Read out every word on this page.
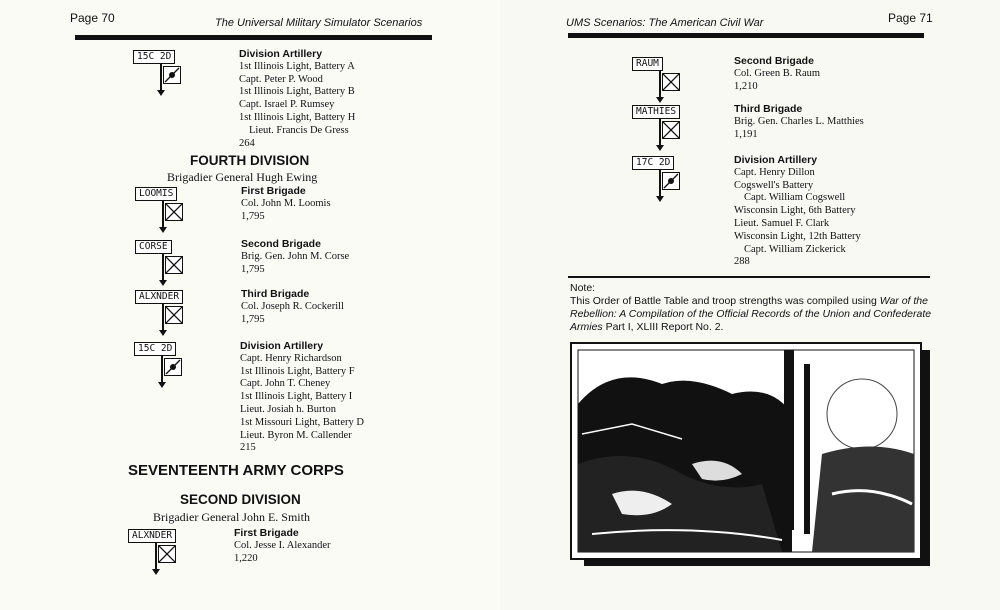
Page 70	The Universal Military Simulator Scenarios
15C 2D	Division Artillery
1st Illinois Light, Battery A
Capt. Peter P. Wood
1st Illinois Light, Battery B
Capt. Israel P. Rumsey
1st Illinois Light, Battery H
Lieut. Francis De Gress
264
FOURTH DIVISION
Brigadier General Hugh Ewing
LOOMIS	First Brigade
Col. John M. Loomis
1,795
CORSE	Second Brigade
Brig. Gen. John M. Corse
1,795
ALXNDER	Third Brigade
Col. Joseph R. Cockerill
1,795
15C 2D	Division Artillery
Capt. Henry Richardson
1st Illinois Light, Battery F
Capt. John T. Cheney
1st Illinois Light, Battery I
Lieut. Josiah h. Burton
1st Missouri Light, Battery D
Lieut. Byron M. Callender
215
SEVENTEENTH ARMY CORPS
SECOND DIVISION
Brigadier General John E. Smith
ALXNDER	First Brigade
Col. Jesse I. Alexander
1,220
UMS Scenarios: The American Civil War	Page 71
RAUM	Second Brigade
Col. Green B. Raum
1,210
MATHIES	Third Brigade
Brig. Gen. Charles L. Matthies
1,191
17C 2D	Division Artillery
Capt. Henry Dillon
Cogswell's Battery
Capt. William Cogswell
Wisconsin Light, 6th Battery
Lieut. Samuel F. Clark
Wisconsin Light, 12th Battery
Capt. William Zickerick
288
Note:
This Order of Battle Table and troop strengths was compiled using War of the Rebellion: A Compilation of the Official Records of the Union and Confederate Armies Part I, XLIII Report No. 2.
